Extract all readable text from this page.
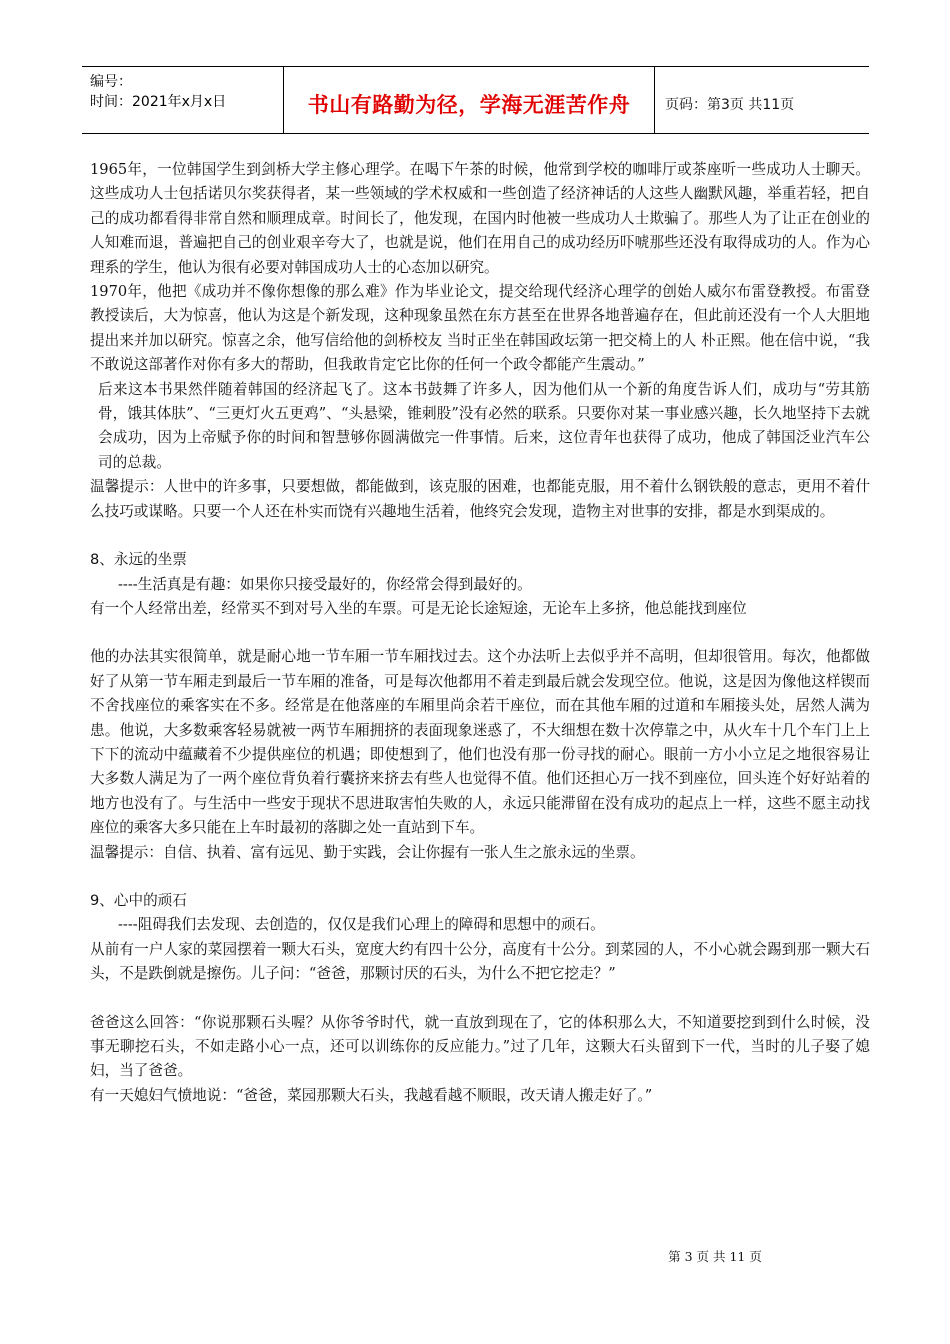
编号：
时间：2021年x月x日	书山有路勤为径，学海无涯苦作舟 页码：第3页 共11页

1965年，一位韩国学生到剑桥大学主修心理学。在喝下午茶的时候，他常到学校的咖啡厅或茶座听一些成功人士聊天。这些成功人士包括诺贝尔奖获得者，某一些领域的学术权威和一些创造了经济神话的人这些人幽默风趣，举重若轻，把自己的成功都看得非常自然和顺理成章。时间长了，他发现，在国内时他被一些成功人士欺骗了。那些人为了让正在创业的人知难而退，普遍把自己的创业艰辛夸大了，也就是说，他们在用自己的成功经历吓唬那些还没有取得成功的人。作为心理系的学生，他认为很有必要对韩国成功人士的心态加以研究。

1970年，他把《成功并不像你想像的那么难》作为毕业论文，提交给现代经济心理学的创始人威尔布雷登教授。布雷登教授读后，大为惊喜，他认为这是个新发现，这种现象虽然在东方甚至在世界各地普遍存在，但此前还没有一个人大胆地提出来并加以研究。惊喜之余，他写信给他的剑桥校友 当时正坐在韩国政坛第一把交椅上的人 朴正熙。他在信中说，“我不敢说这部著作对你有多大的帮助，但我敢肯定它比你的任何一个政令都能产生震动。”

后来这本书果然伴随着韩国的经济起飞了。这本书鼓舞了许多人，因为他们从一个新的角度告诉人们，成功与“劳其筋骨，饿其体肤”、“三更灯火五更鸡”、“头悬梁，锥刺股”没有必然的联系。只要你对某一事业感兴趣，长久地坚持下去就会成功，因为上帝赋予你的时间和智慧够你圆满做完一件事情。后来，这位青年也获得了成功，他成了韩国泛业汽车公司的总裁。

温馨提示：人世中的许多事，只要想做，都能做到，该克服的困难，也都能克服，用不着什么钢铁般的意志，更用不着什么技巧或谋略。只要一个人还在朴实而饶有兴趣地生活着，他终究会发现，造物主对世事的安排，都是水到渠成的。

8、永远的坐票

----生活真是有趣：如果你只接受最好的，你经常会得到最好的。

有一个人经常出差，经常买不到对号入坐的车票。可是无论长途短途，无论车上多挤，他总能找到座位

他的办法其实很简单，就是耐心地一节车厢一节车厢找过去。这个办法听上去似乎并不高明，但却很管用。每次，他都做好了从第一节车厢走到最后一节车厢的准备，可是每次他都用不着走到最后就会发现空位。他说，这是因为像他这样锲而不舍找座位的乘客实在不多。经常是在他落座的车厢里尚余若干座位，而在其他车厢的过道和车厢接头处，居然人满为患。他说，大多数乘客轻易就被一两节车厢拥挤的表面现象迷惑了，不大细想在数十次停靠之中，从火车十几个车门上上下下的流动中蕴藏着不少提供座位的机遇；即使想到了，他们也没有那一份寻找的耐心。眼前一方小小立足之地很容易让大多数人满足为了一两个座位背负着行囊挤来挤去有些人也觉得不值。他们还担心万一找不到座位，回头连个好好站着的地方也没有了。与生活中一些安于现状不思进取害怕失败的人，永远只能滞留在没有成功的起点上一样，这些不愿主动找座位的乘客大多只能在上车时最初的落脚之处一直站到下车。

温馨提示：自信、执着、富有远见、勤于实践，会让你握有一张人生之旅永远的坐票。

9、心中的顽石

----阻碍我们去发现、去创造的，仅仅是我们心理上的障碍和思想中的顽石。

从前有一户人家的菜园摆着一颗大石头，宽度大约有四十公分，高度有十公分。到菜园的人，不小心就会踢到那一颗大石头，不是跌倒就是擦伤。儿子问：“爸爸，那颗讨厌的石头，为什么不把它挖走？”

爸爸这么回答：“你说那颗石头喔？从你爷爷时代，就一直放到现在了，它的体积那么大，不知道要挖到到什么时候，没事无聊挖石头，不如走路小心一点，还可以训练你的反应能力。”过了几年，这颗大石头留到下一代，当时的儿子娶了媳妇，当了爸爸。

有一天媳妇气愤地说：“爸爸，菜园那颗大石头，我越看越不顺眼，改天请人搬走好了。”

第 3 页 共 11 页
